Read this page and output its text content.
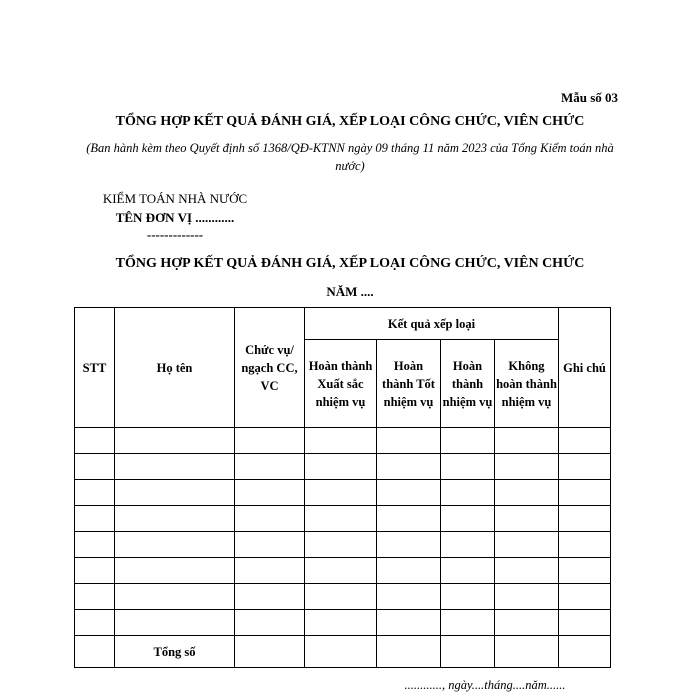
Mẫu số 03
TỔNG HỢP KẾT QUẢ ĐÁNH GIÁ, XẾP LOẠI CÔNG CHỨC, VIÊN CHỨC
(Ban hành kèm theo Quyết định số 1368/QĐ-KTNN ngày 09 tháng 11 năm 2023 của Tổng Kiểm toán nhà nước)
KIỂM TOÁN NHÀ NƯỚC
TÊN ĐƠN VỊ ............
-------------
TỔNG HỢP KẾT QUẢ ĐÁNH GIÁ, XẾP LOẠI CÔNG CHỨC, VIÊN CHỨC
NĂM ....
STT	Họ tên	Chức vụ/ ngạch CC, VC	Kết quả xếp loại				Ghi chú
			Hoàn thành Xuất sắc nhiệm vụ	Hoàn thành Tốt nhiệm vụ	Hoàn thành nhiệm vụ	Không hoàn thành nhiệm vụ	

	Tổng số						
............, ngày....tháng....năm......
